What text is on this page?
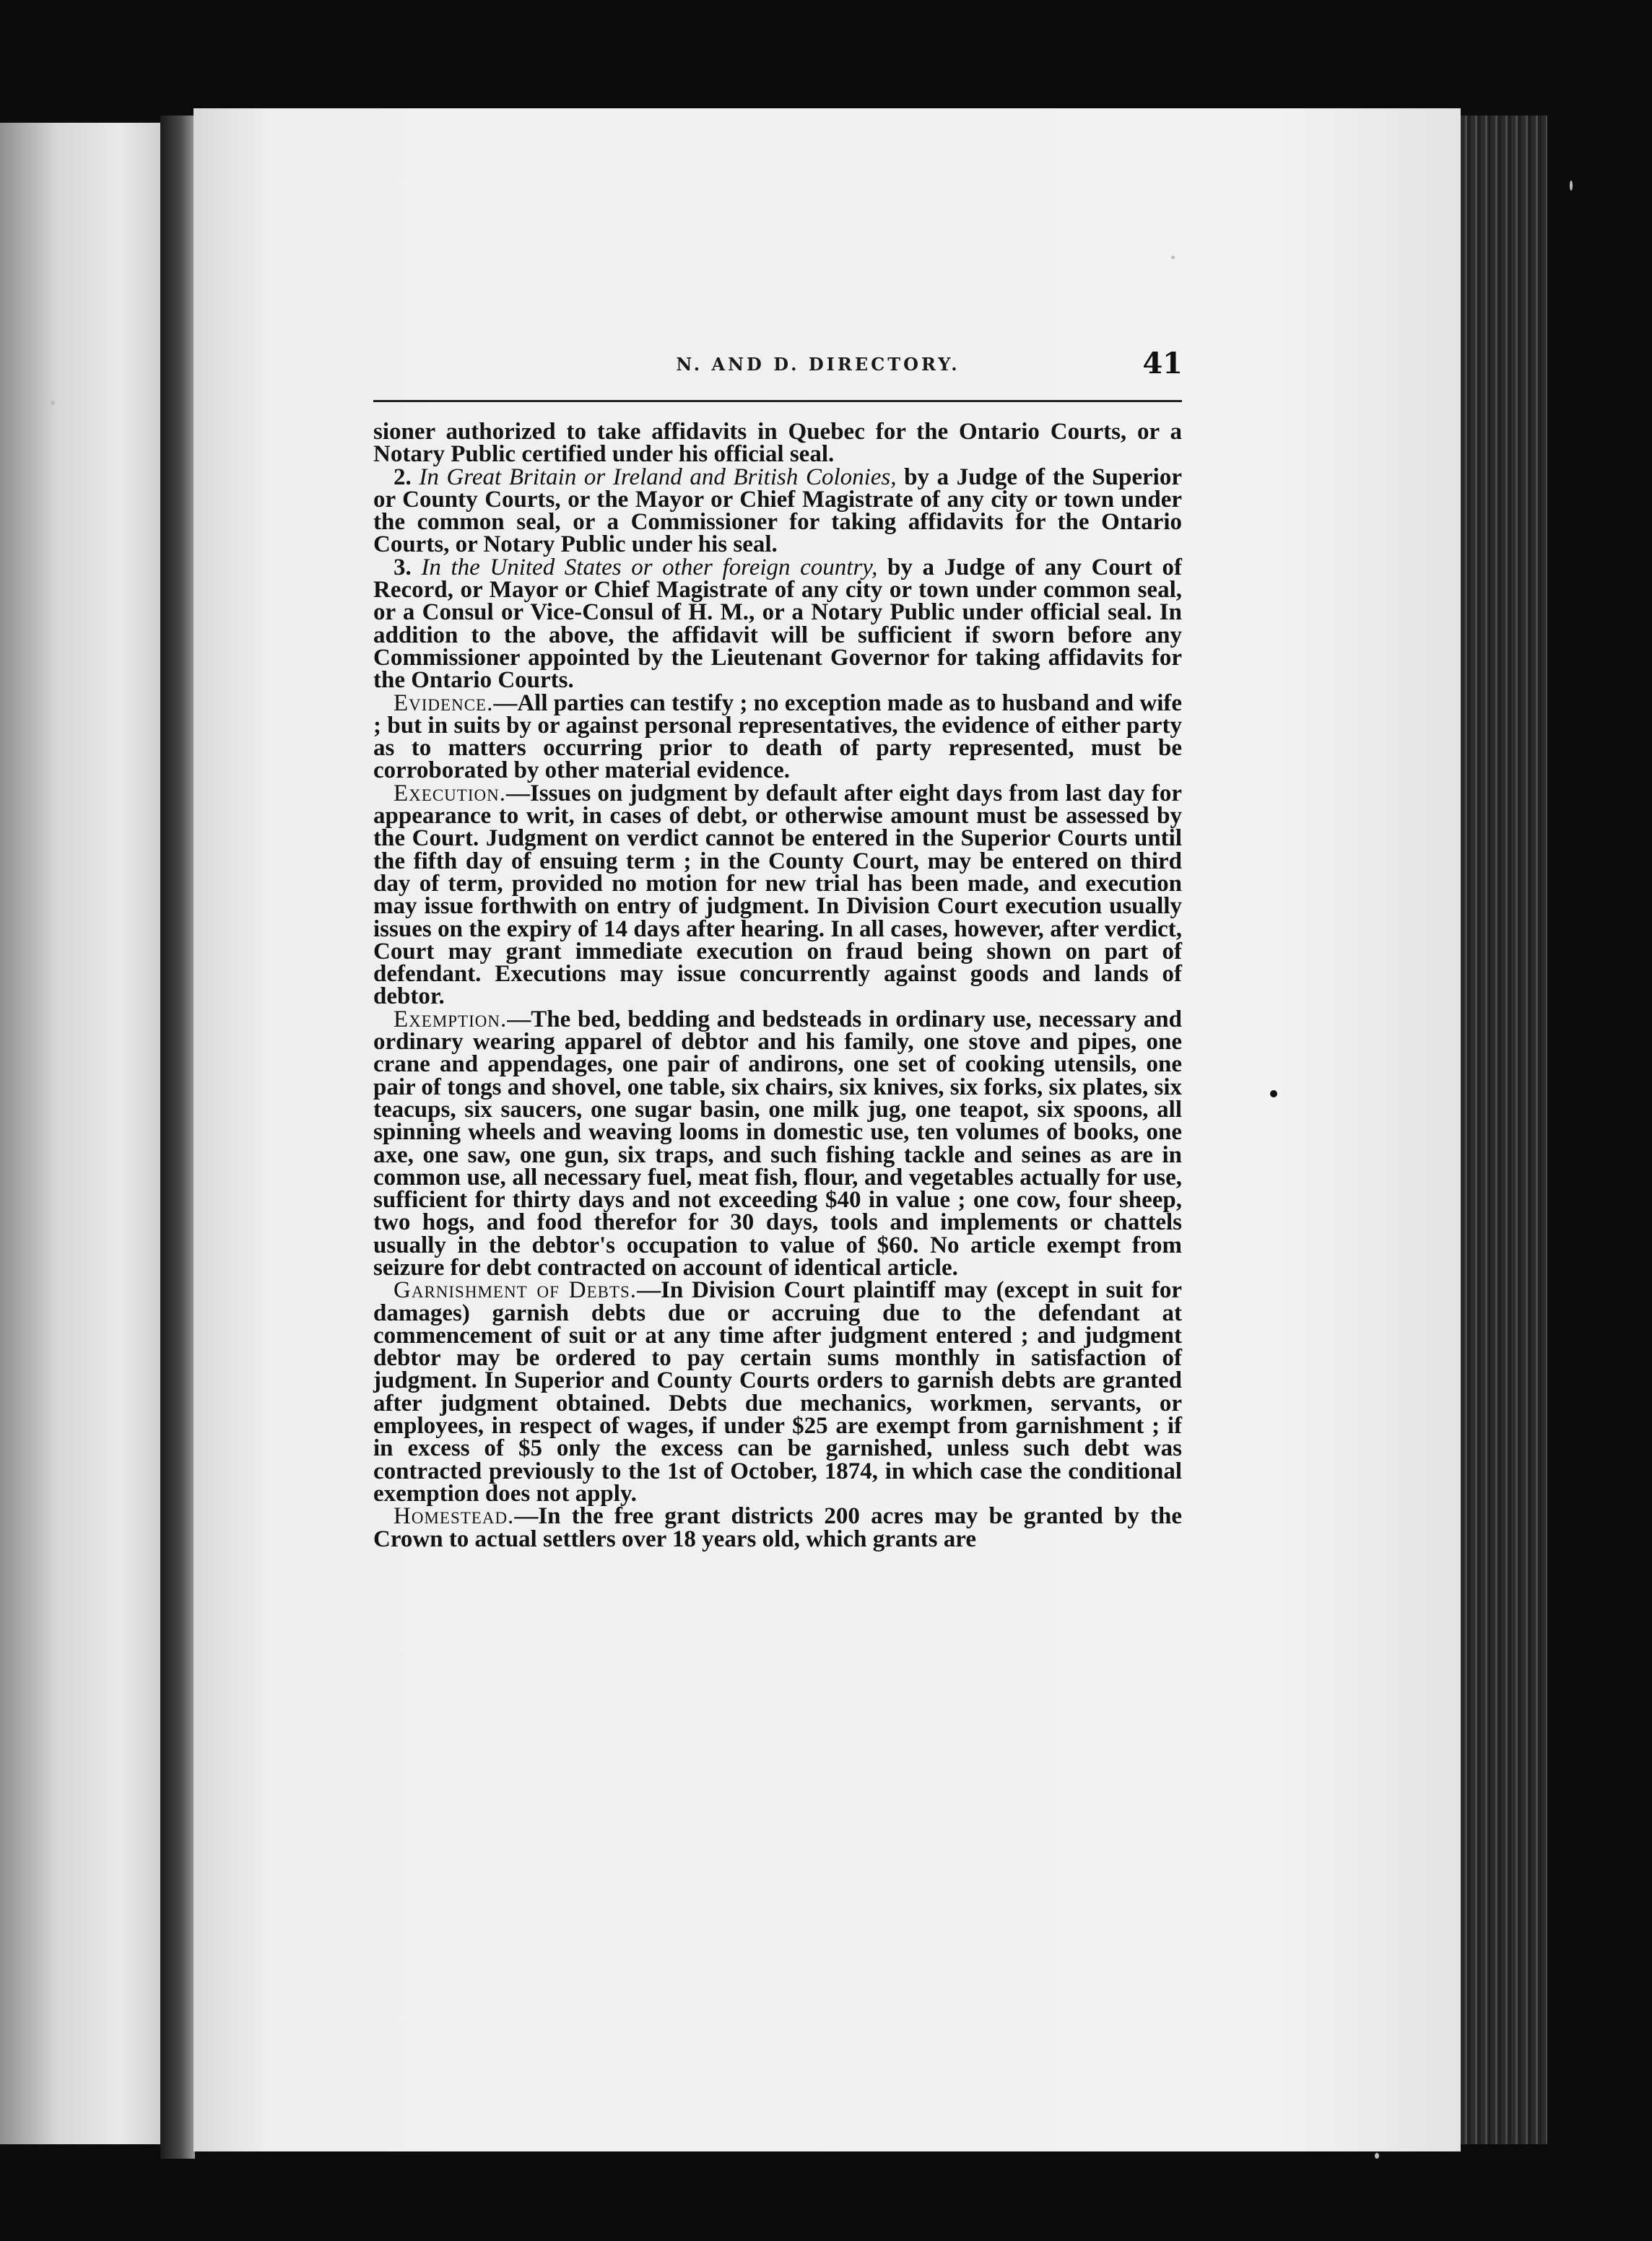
N. AND D. DIRECTORY.	41

sioner authorized to take affidavits in Quebec for the Ontario Courts, or a Notary Public certified under his official seal.

2. In Great Britain or Ireland and British Colonies, by a Judge of the Superior or County Courts, or the Mayor or Chief Magistrate of any city or town under the common seal, or a Commissioner for taking affidavits for the Ontario Courts, or Notary Public under his seal.

3. In the United States or other foreign country, by a Judge of any Court of Record, or Mayor or Chief Magistrate of any city or town under common seal, or a Consul or Vice-Consul of H. M., or a Notary Public under official seal. In addition to the above, the affidavit will be sufficient if sworn before any Commissioner appointed by the Lieutenant Governor for taking affidavits for the Ontario Courts.

Evidence.—All parties can testify ; no exception made as to husband and wife ; but in suits by or against personal representatives, the evidence of either party as to matters occurring prior to death of party represented, must be corroborated by other material evidence.

Execution.—Issues on judgment by default after eight days from last day for appearance to writ, in cases of debt, or otherwise amount must be assessed by the Court. Judgment on verdict cannot be entered in the Superior Courts until the fifth day of ensuing term ; in the County Court, may be entered on third day of term, provided no motion for new trial has been made, and execution may issue forthwith on entry of judgment. In Division Court execution usually issues on the expiry of 14 days after hearing. In all cases, however, after verdict, Court may grant immediate execution on fraud being shown on part of defendant. Executions may issue concurrently against goods and lands of debtor.

Exemption.—The bed, bedding and bedsteads in ordinary use, necessary and ordinary wearing apparel of debtor and his family, one stove and pipes, one crane and appendages, one pair of andirons, one set of cooking utensils, one pair of tongs and shovel, one table, six chairs, six knives, six forks, six plates, six teacups, six saucers, one sugar basin, one milk jug, one teapot, six spoons, all spinning wheels and weaving looms in domestic use, ten volumes of books, one axe, one saw, one gun, six traps, and such fishing tackle and seines as are in common use, all necessary fuel, meat fish, flour, and vegetables actually for use, sufficient for thirty days and not exceeding $40 in value ; one cow, four sheep, two hogs, and food therefor for 30 days, tools and implements or chattels usually in the debtor's occupation to value of $60. No article exempt from seizure for debt contracted on account of identical article.

Garnishment of Debts.—In Division Court plaintiff may (except in suit for damages) garnish debts due or accruing due to the defendant at commencement of suit or at any time after judgment entered ; and judgment debtor may be ordered to pay certain sums monthly in satisfaction of judgment. In Superior and County Courts orders to garnish debts are granted after judgment obtained. Debts due mechanics, workmen, servants, or employees, in respect of wages, if under $25 are exempt from garnishment ; if in excess of $5 only the excess can be garnished, unless such debt was contracted previously to the 1st of October, 1874, in which case the conditional exemption does not apply.

Homestead.—In the free grant districts 200 acres may be granted by the Crown to actual settlers over 18 years old, which grants are
